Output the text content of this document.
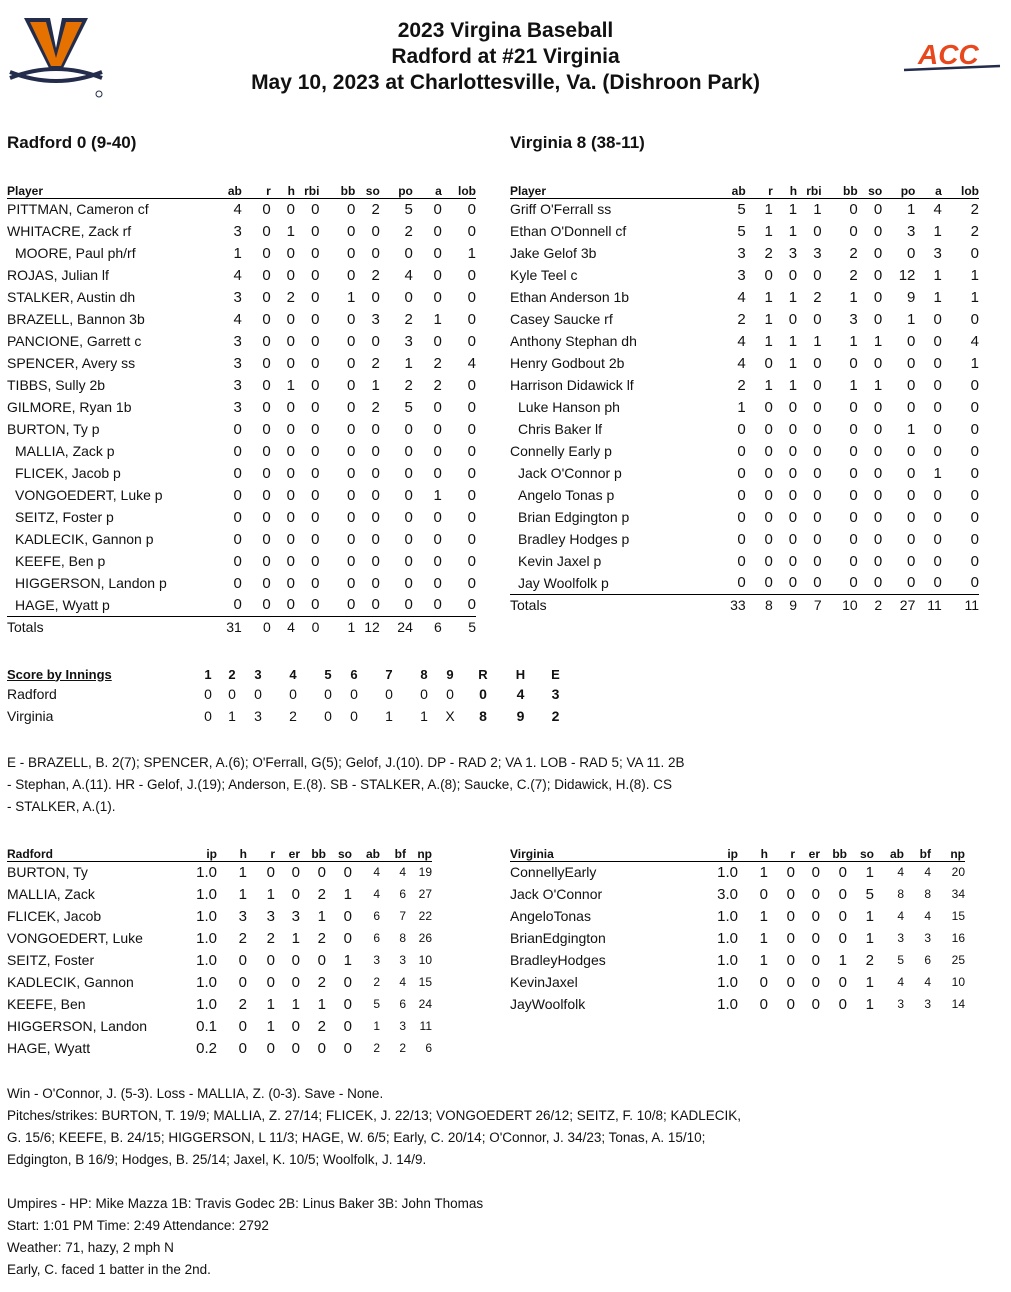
2023 Virgina Baseball
Radford at #21 Virginia
May 10, 2023 at Charlottesville, Va. (Dishroon Park)
ACC
Radford 0 (9-40)	Virginia 8 (38-11)
Player	ab	r	h	rbi	bb	so	po	a	lob
PITTMAN, Cameron cf	4	0	0	0	0	2	5	0	0
WHITACRE, Zack rf	3	0	1	0	0	0	2	0	0
MOORE, Paul ph/rf	1	0	0	0	0	0	0	0	1
ROJAS, Julian lf	4	0	0	0	0	2	4	0	0
STALKER, Austin dh	3	0	2	0	1	0	0	0	0
BRAZELL, Bannon 3b	4	0	0	0	0	3	2	1	0
PANCIONE, Garrett c	3	0	0	0	0	0	3	0	0
SPENCER, Avery ss	3	0	0	0	0	2	1	2	4
TIBBS, Sully 2b	3	0	1	0	0	1	2	2	0
GILMORE, Ryan 1b	3	0	0	0	0	2	5	0	0
BURTON, Ty p	0	0	0	0	0	0	0	0	0
MALLIA, Zack p	0	0	0	0	0	0	0	0	0
FLICEK, Jacob p	0	0	0	0	0	0	0	0	0
VONGOEDERT, Luke p	0	0	0	0	0	0	0	1	0
SEITZ, Foster p	0	0	0	0	0	0	0	0	0
KADLECIK, Gannon p	0	0	0	0	0	0	0	0	0
KEEFE, Ben p	0	0	0	0	0	0	0	0	0
HIGGERSON, Landon p	0	0	0	0	0	0	0	0	0
HAGE, Wyatt p	0	0	0	0	0	0	0	0	0
Totals	31	0	4	0	1	12	24	6	5
Player	ab	r	h	rbi	bb	so	po	a	lob
Griff O'Ferrall ss	5	1	1	1	0	0	1	4	2
Ethan O'Donnell cf	5	1	1	0	0	0	3	1	2
Jake Gelof 3b	3	2	3	3	2	0	0	3	0
Kyle Teel c	3	0	0	0	2	0	12	1	1
Ethan Anderson 1b	4	1	1	2	1	0	9	1	1
Casey Saucke rf	2	1	0	0	3	0	1	0	0
Anthony Stephan dh	4	1	1	1	1	1	0	0	4
Henry Godbout 2b	4	0	1	0	0	0	0	0	1
Harrison Didawick lf	2	1	1	0	1	1	0	0	0
Luke Hanson ph	1	0	0	0	0	0	0	0	0
Chris Baker lf	0	0	0	0	0	0	1	0	0
Connelly Early p	0	0	0	0	0	0	0	0	0
Jack O'Connor p	0	0	0	0	0	0	0	1	0
Angelo Tonas p	0	0	0	0	0	0	0	0	0
Brian Edgington p	0	0	0	0	0	0	0	0	0
Bradley Hodges p	0	0	0	0	0	0	0	0	0
Kevin Jaxel p	0	0	0	0	0	0	0	0	0
Jay Woolfolk p	0	0	0	0	0	0	0	0	0
Totals	33	8	9	7	10	2	27	11	11
Score by Innings	1	2	3	4	5	6	7	8	9	R	H	E
Radford	0	0	0	0	0	0	0	0	0	0	4	3
Virginia	0	1	3	2	0	0	1	1	X	8	9	2
E - BRAZELL, B. 2(7); SPENCER, A.(6); O'Ferrall, G(5); Gelof, J.(10). DP - RAD 2; VA 1. LOB - RAD 5; VA 11. 2B
- Stephan, A.(11). HR - Gelof, J.(19); Anderson, E.(8). SB - STALKER, A.(8); Saucke, C.(7); Didawick, H.(8). CS
- STALKER, A.(1).
Radford	ip	h	r	er	bb	so	ab	bf	np
BURTON, Ty	1.0	1	0	0	0	0	4	4	19
MALLIA, Zack	1.0	1	1	0	2	1	4	6	27
FLICEK, Jacob	1.0	3	3	3	1	0	6	7	22
VONGOEDERT, Luke	1.0	2	2	1	2	0	6	8	26
SEITZ, Foster	1.0	0	0	0	0	1	3	3	10
KADLECIK, Gannon	1.0	0	0	0	2	0	2	4	15
KEEFE, Ben	1.0	2	1	1	1	0	5	6	24
HIGGERSON, Landon	0.1	0	1	0	2	0	1	3	11
HAGE, Wyatt	0.2	0	0	0	0	0	2	2	6
Virginia	ip	h	r	er	bb	so	ab	bf	np
ConnellyEarly	1.0	1	0	0	0	1	4	4	20
Jack O'Connor	3.0	0	0	0	0	5	8	8	34
AngeloTonas	1.0	1	0	0	0	1	4	4	15
BrianEdgington	1.0	1	0	0	0	1	3	3	16
BradleyHodges	1.0	1	0	0	1	2	5	6	25
KevinJaxel	1.0	0	0	0	0	1	4	4	10
JayWoolfolk	1.0	0	0	0	0	1	3	3	14
Win - O'Connor, J. (5-3). Loss - MALLIA, Z. (0-3). Save - None.
Pitches/strikes: BURTON, T. 19/9; MALLIA, Z. 27/14; FLICEK, J. 22/13; VONGOEDERT 26/12; SEITZ, F. 10/8; KADLECIK,
G. 15/6; KEEFE, B. 24/15; HIGGERSON, L 11/3; HAGE, W. 6/5; Early, C. 20/14; O'Connor, J. 34/23; Tonas, A. 15/10;
Edgington, B 16/9; Hodges, B. 25/14; Jaxel, K. 10/5; Woolfolk, J. 14/9.
Umpires - HP: Mike Mazza 1B: Travis Godec 2B: Linus Baker 3B: John Thomas
Start: 1:01 PM Time: 2:49 Attendance: 2792
Weather: 71, hazy, 2 mph N
Early, C. faced 1 batter in the 2nd.
